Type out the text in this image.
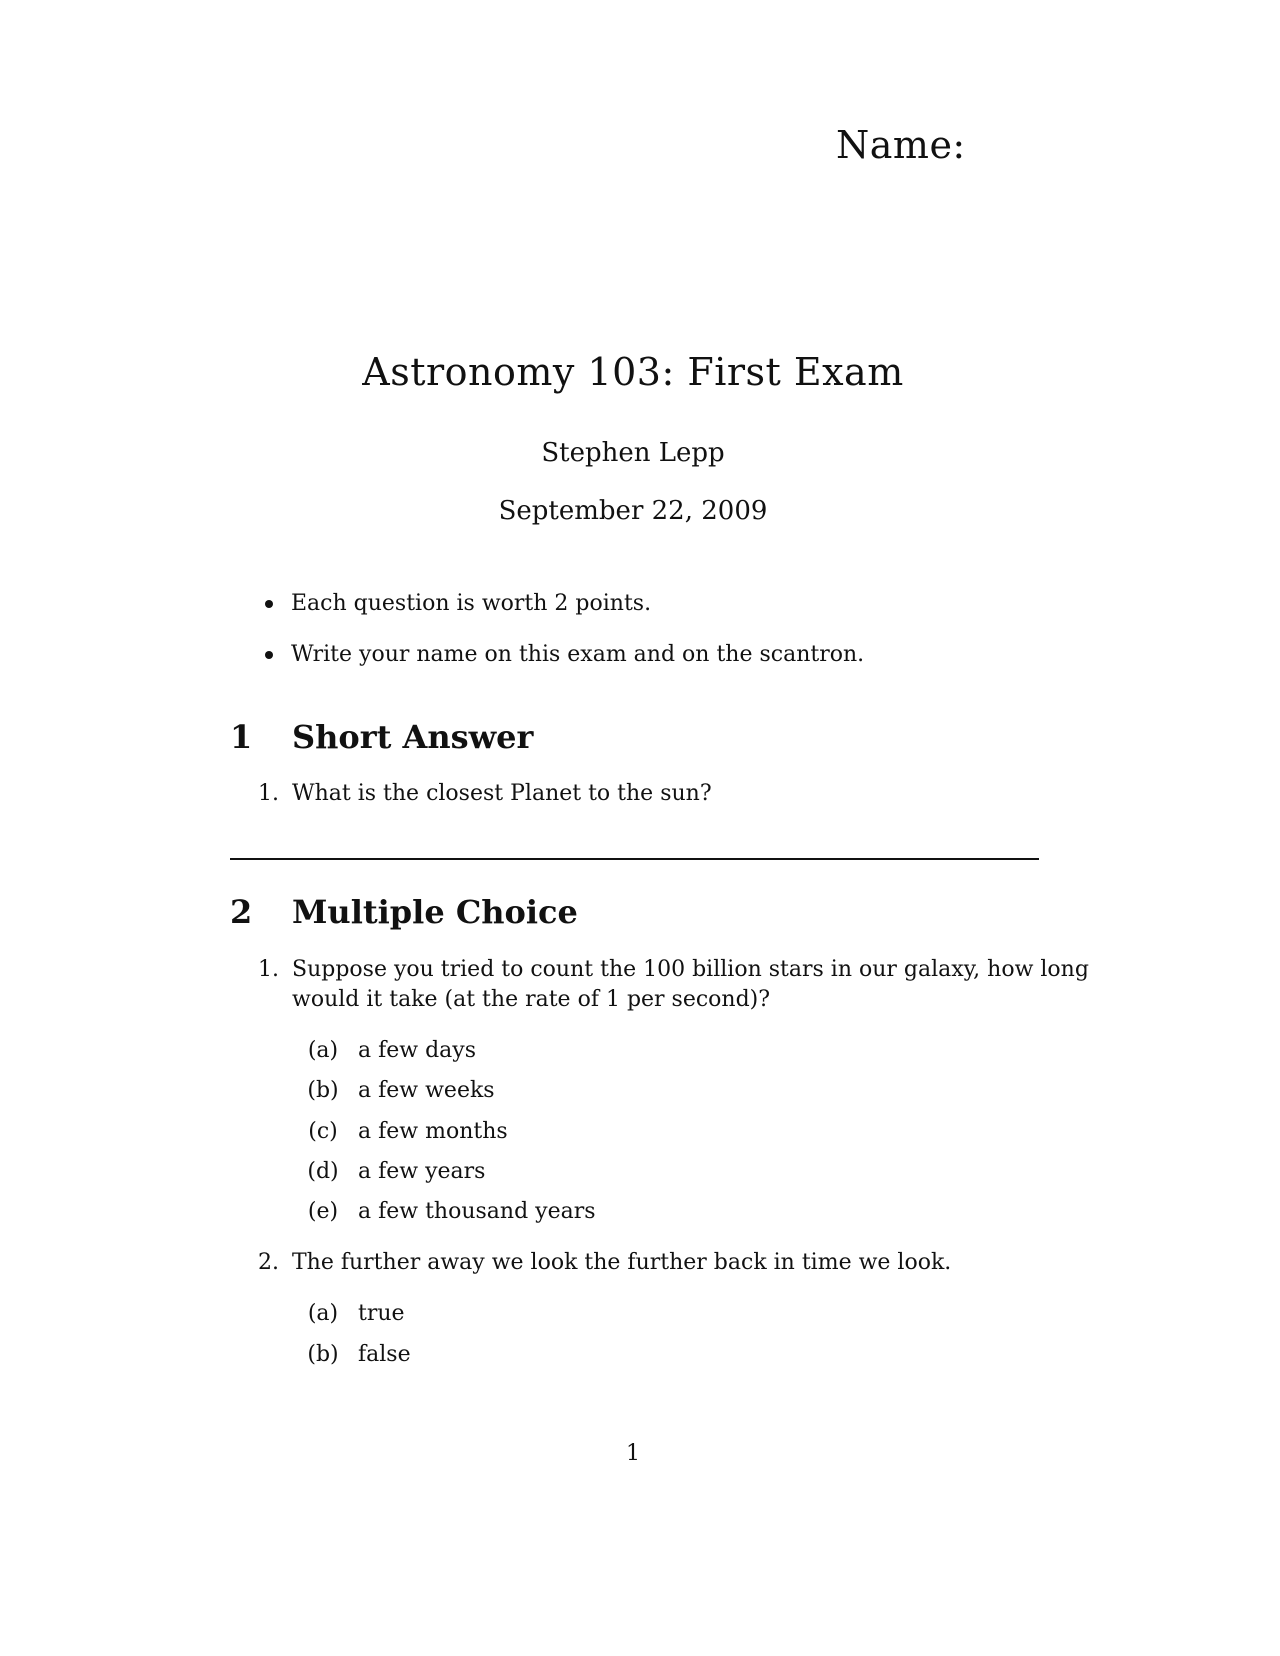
Name:
Astronomy 103: First Exam
Stephen Lepp
September 22, 2009
Each question is worth 2 points.
Write your name on this exam and on the scantron.
1	Short Answer
1. What is the closest Planet to the sun?
2	Multiple Choice
1. Suppose you tried to count the 100 billion stars in our galaxy, how long
would it take (at the rate of 1 per second)?
(a) a few days
(b) a few weeks
(c) a few months
(d) a few years
(e) a few thousand years
2. The further away we look the further back in time we look.
(a) true
(b) false
1
